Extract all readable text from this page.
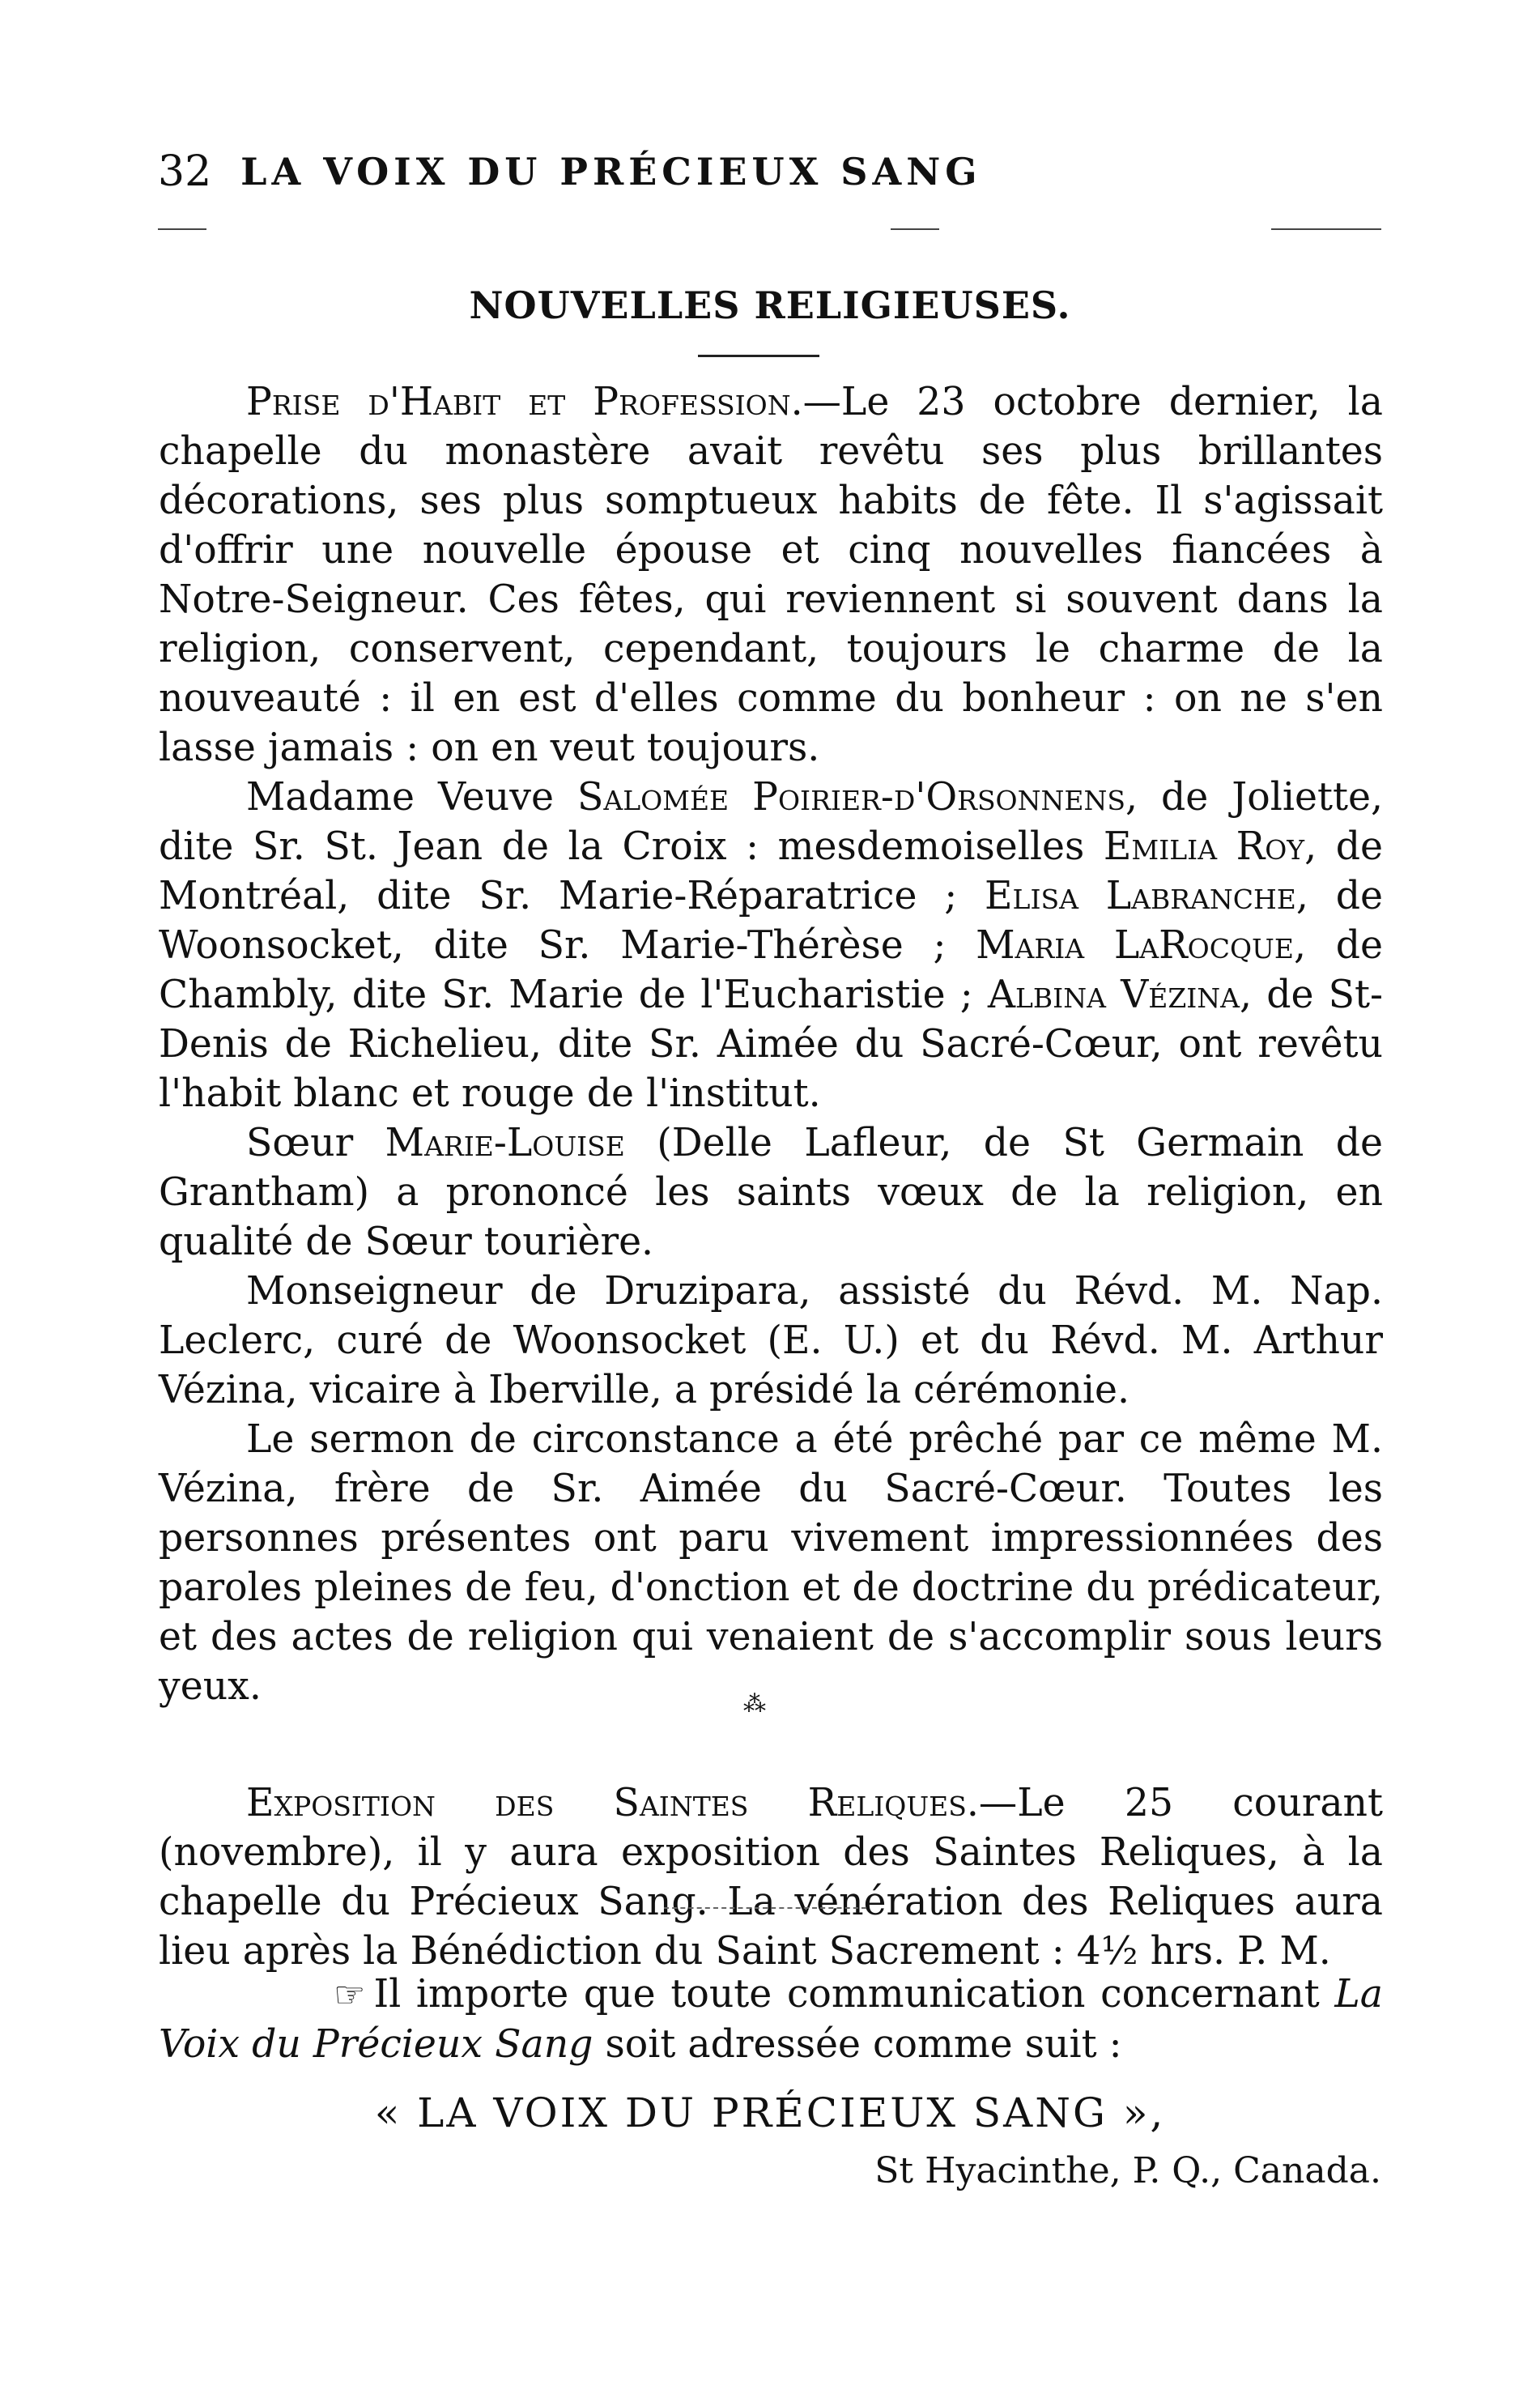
32 LA VOIX DU PRÉCIEUX SANG
NOUVELLES RELIGIEUSES.

Prise d'Habit et Profession.—Le 23 octobre dernier, la chapelle du monastère avait revêtu ses plus brillantes décorations, ses plus somptueux habits de fête. Il s'agissait d'offrir une nouvelle épouse et cinq nouvelles fiancées à Notre-Seigneur. Ces fêtes, qui reviennent si souvent dans la religion, conservent, cependant, toujours le charme de la nouveauté : il en est d'elles comme du bonheur : on ne s'en lasse jamais : on en veut toujours.

Madame Veuve Salomée Poirier-d'Orsonnens, de Joliette, dite Sr. St. Jean de la Croix : mesdemoiselles Emilia Roy, de Montréal, dite Sr. Marie-Réparatrice ; Elisa Labranche, de Woonsocket, dite Sr. Marie-Thérèse ; Maria LaRocque, de Chambly, dite Sr. Marie de l'Eucharistie ; Albina Vézina, de St-Denis de Richelieu, dite Sr. Aimée du Sacré-Cœur, ont revêtu l'habit blanc et rouge de l'institut.

Sœur Marie-Louise (Delle Lafleur, de St Germain de Grantham) a prononcé les saints vœux de la religion, en qualité de Sœur tourière.

Monseigneur de Druzipara, assisté du Révd. M. Nap. Leclerc, curé de Woonsocket (E. U.) et du Révd. M. Arthur Vézina, vicaire à Iberville, a présidé la cérémonie.

Le sermon de circonstance a été prêché par ce même M. Vézina, frère de Sr. Aimée du Sacré-Cœur. Toutes les personnes présentes ont paru vivement impressionnées des paroles pleines de feu, d'onction et de doctrine du prédicateur, et des actes de religion qui venaient de s'accomplir sous leurs yeux.	⁂

Exposition des Saintes Reliques.—Le 25 courant (novembre), il y aura exposition des Saintes Reliques, à la chapelle du Précieux Sang. La vénération des Reliques aura lieu après la Bénédiction du Saint Sacrement : 4½ hrs. P. M.

☞ Il importe que toute communication concernant La Voix du Précieux Sang soit adressée comme suit :

« LA VOIX DU PRÉCIEUX SANG »,
St Hyacinthe, P. Q., Canada.
